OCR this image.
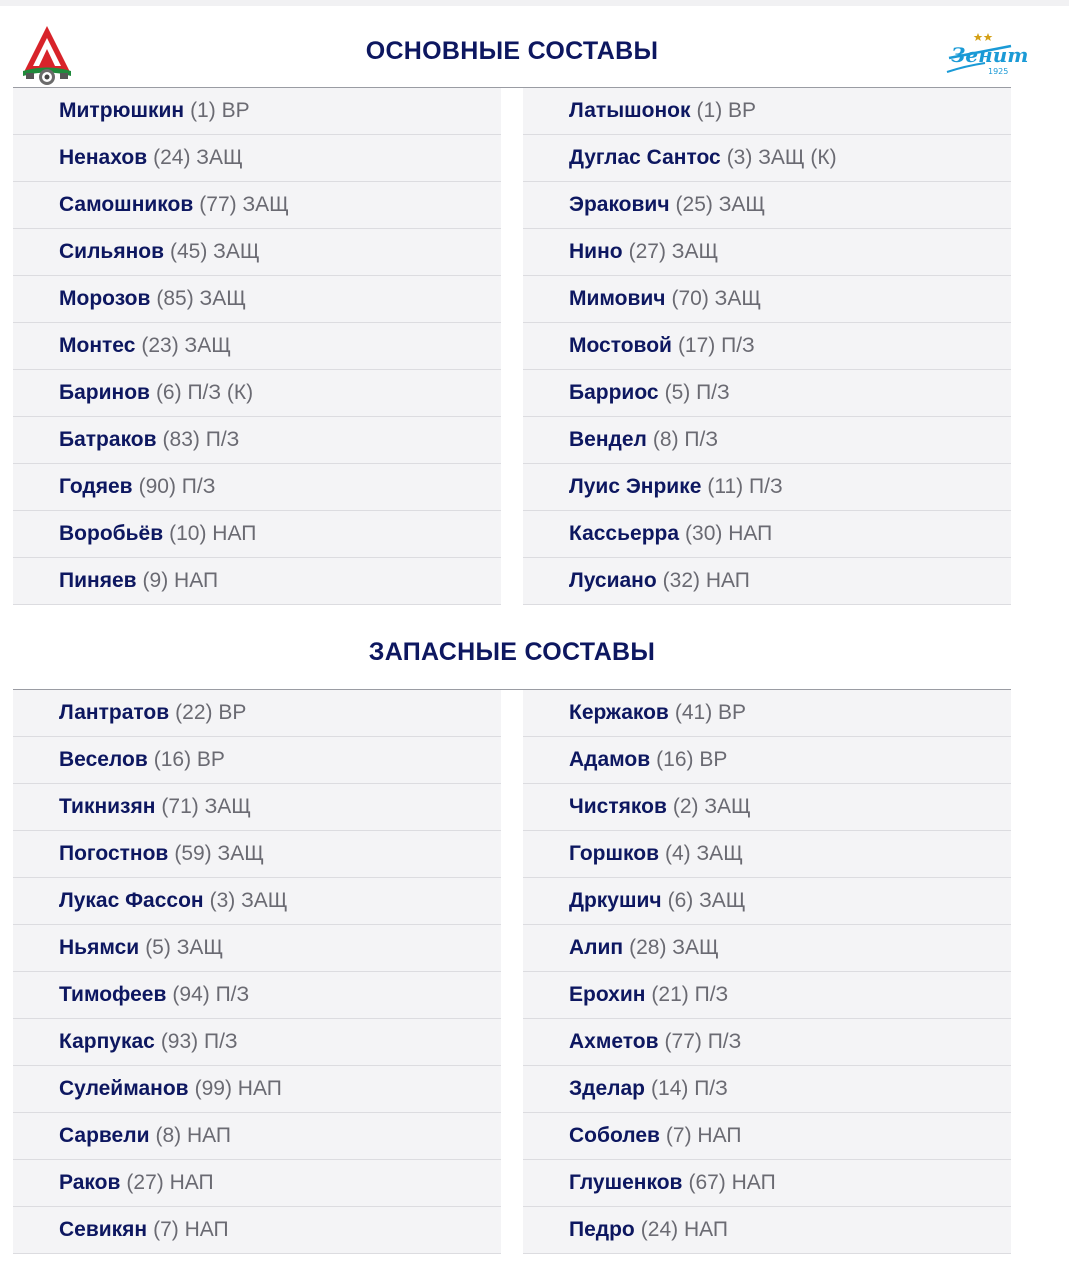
ОСНОВНЫЕ СОСТАВЫ	Зенит
1925
Митрюшкин (1) ВР
Ненахов (24) ЗАЩ
Самошников (77) ЗАЩ
Сильянов (45) ЗАЩ
Морозов (85) ЗАЩ
Монтес (23) ЗАЩ
Баринов (6) П/З (К)
Батраков (83) П/З
Годяев (90) П/З
Воробьёв (10) НАП
Пиняев (9) НАП
Латышонок (1) ВР
Дуглас Сантос (3) ЗАЩ (К)
Эракович (25) ЗАЩ
Нино (27) ЗАЩ
Мимович (70) ЗАЩ
Мостовой (17) П/З
Барриос (5) П/З
Вендел (8) П/З
Луис Энрике (11) П/З
Кассьерра (30) НАП
Лусиано (32) НАП
ЗАПАСНЫЕ СОСТАВЫ
Лантратов (22) ВР
Веселов (16) ВР
Тикнизян (71) ЗАЩ
Погостнов (59) ЗАЩ
Лукас Фассон (3) ЗАЩ
Ньямси (5) ЗАЩ
Тимофеев (94) П/З
Карпукас (93) П/З
Сулейманов (99) НАП
Сарвели (8) НАП
Раков (27) НАП
Севикян (7) НАП
Кержаков (41) ВР
Адамов (16) ВР
Чистяков (2) ЗАЩ
Горшков (4) ЗАЩ
Дркушич (6) ЗАЩ
Алип (28) ЗАЩ
Ерохин (21) П/З
Ахметов (77) П/З
Зделар (14) П/З
Соболев (7) НАП
Глушенков (67) НАП
Педро (24) НАП
